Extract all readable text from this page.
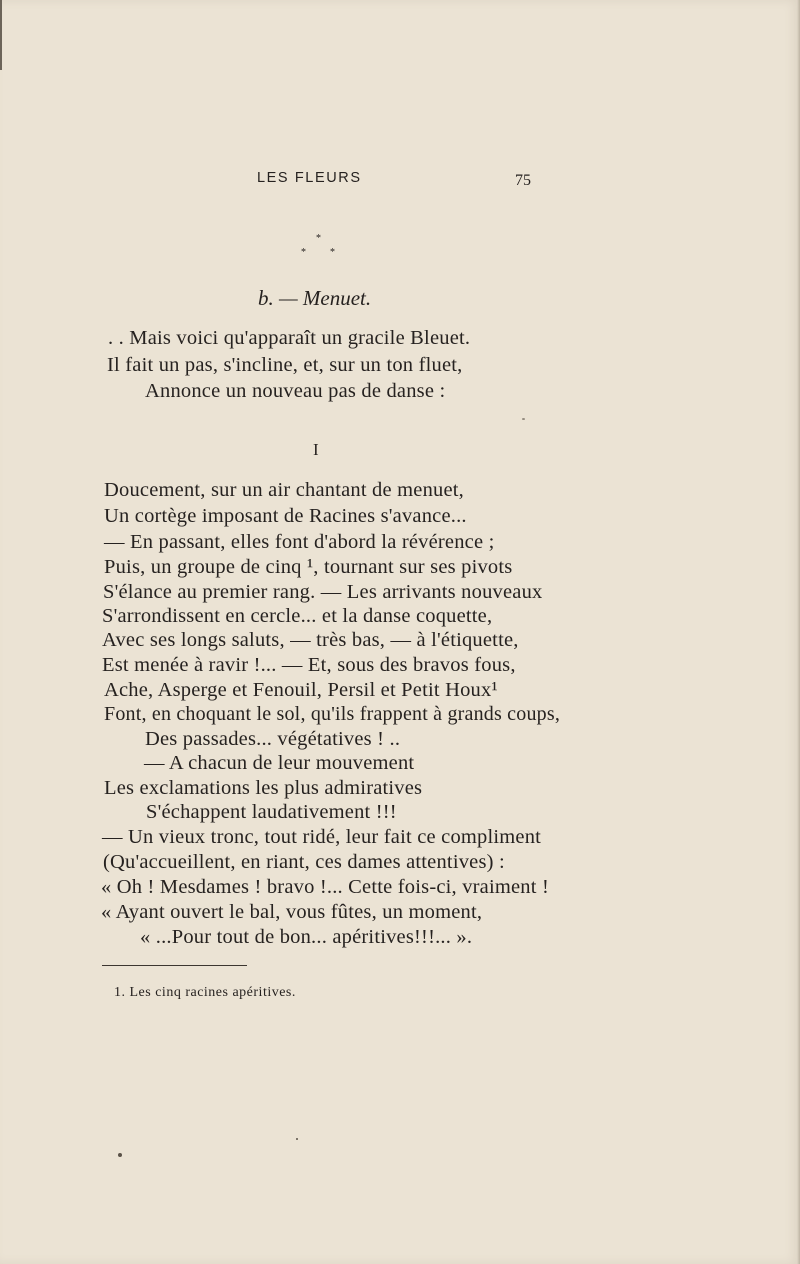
LES FLEURS	75
*
* *
b. — Menuet.
. . Mais voici qu'apparaît un gracile Bleuet.
Il fait un pas, s'incline, et, sur un ton fluet,
Annonce un nouveau pas de danse :
I
Doucement, sur un air chantant de menuet,
Un cortège imposant de Racines s'avance...
— En passant, elles font d'abord la révérence ;
Puis, un groupe de cinq ¹, tournant sur ses pivots
S'élance au premier rang. — Les arrivants nouveaux
S'arrondissent en cercle... et la danse coquette,
Avec ses longs saluts, — très bas, — à l'étiquette,
Est menée à ravir !... — Et, sous des bravos fous,
Ache, Asperge et Fenouil, Persil et Petit Houx¹
Font, en choquant le sol, qu'ils frappent à grands coups,
Des passades... végétatives ! ..
— A chacun de leur mouvement
Les exclamations les plus admiratives
S'échappent laudativement !!!
— Un vieux tronc, tout ridé, leur fait ce compliment
(Qu'accueillent, en riant, ces dames attentives) :
« Oh ! Mesdames ! bravo !... Cette fois-ci, vraiment !
« Ayant ouvert le bal, vous fûtes, un moment,
« ...Pour tout de bon... apéritives!!!... ».
1. Les cinq racines apéritives.
